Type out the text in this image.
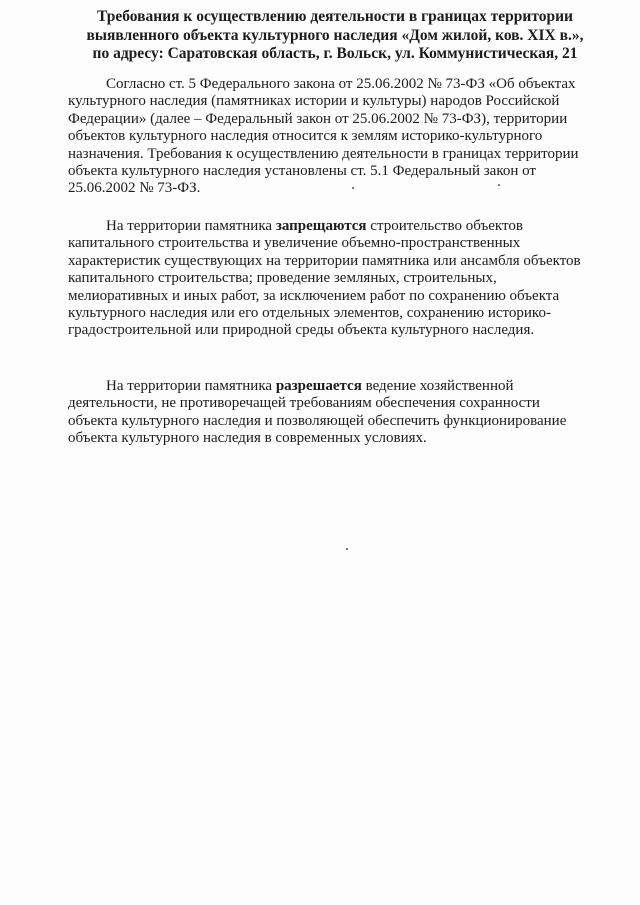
Требования к осуществлению деятельности в границах территории
выявленного объекта культурного наследия «Дом жилой, ков. XIX в.»,
по адресу: Саратовская область, г. Вольск, ул. Коммунистическая, 21
Согласно ст. 5 Федерального закона от 25.06.2002 № 73-ФЗ «Об объектах
культурного наследия (памятниках истории и культуры) народов Российской
Федерации» (далее – Федеральный закон от 25.06.2002 № 73-ФЗ), территории
объектов культурного наследия относится к землям историко-культурного
назначения. Требования к осуществлению деятельности в границах территории
объекта культурного наследия установлены ст. 5.1 Федеральный закон от
25.06.2002 № 73-ФЗ.
На территории памятника запрещаются строительство объектов
капитального строительства и увеличение объемно-пространственных
характеристик существующих на территории памятника или ансамбля объектов
капитального строительства; проведение земляных, строительных,
мелиоративных и иных работ, за исключением работ по сохранению объекта
культурного наследия или его отдельных элементов, сохранению историко-
градостроительной или природной среды объекта культурного наследия.
На территории памятника разрешается ведение хозяйственной
деятельности, не противоречащей требованиям обеспечения сохранности
объекта культурного наследия и позволяющей обеспечить функционирование
объекта культурного наследия в современных условиях.
